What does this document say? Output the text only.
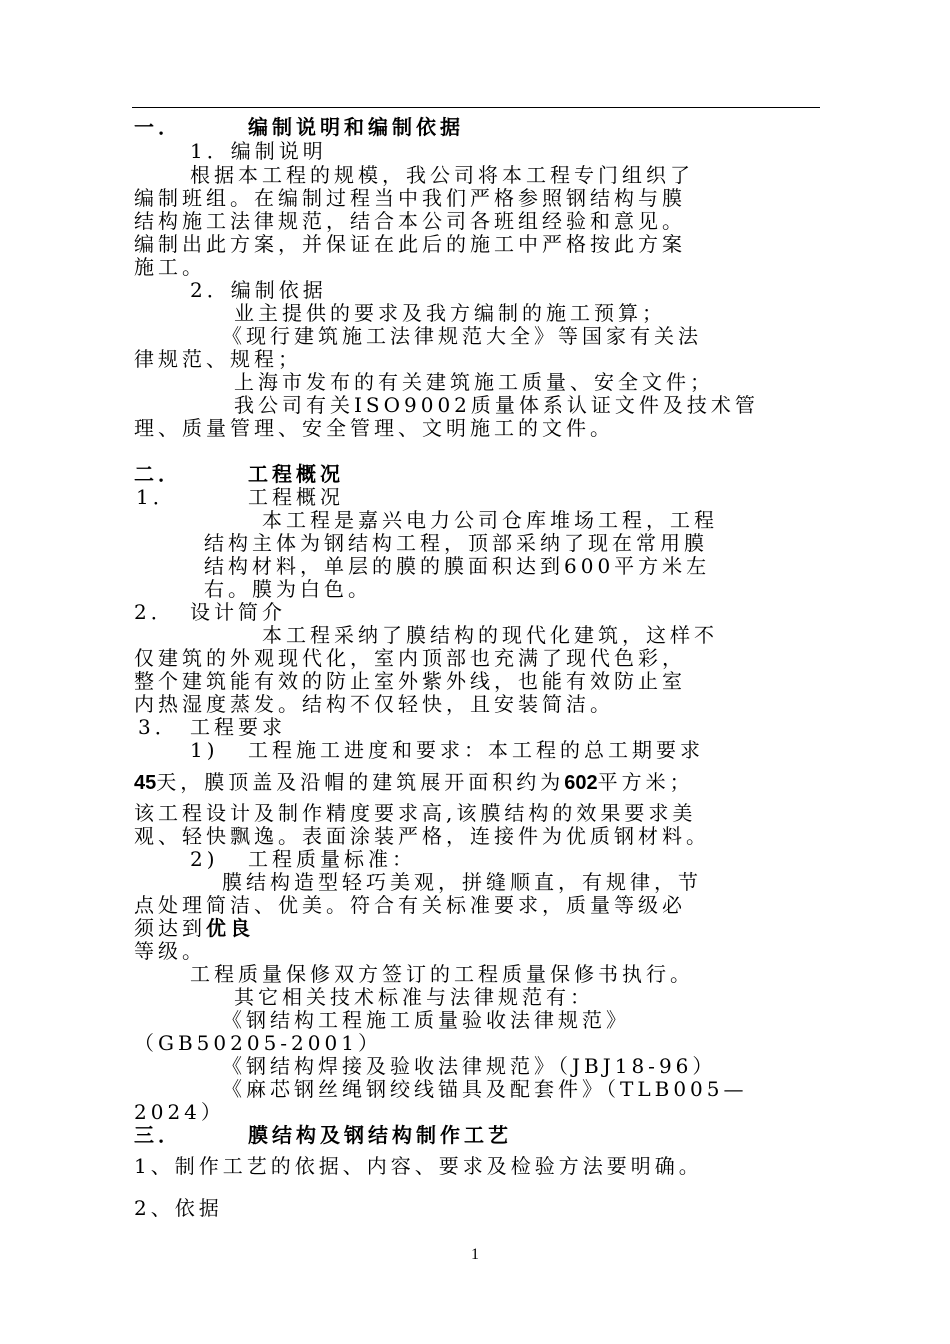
一．	编制说明和编制依据
1．编制说明
根据本工程的规模，我公司将本工程专门组织了
编制班组。在编制过程当中我们严格参照钢结构与膜
结构施工法律规范，结合本公司各班组经验和意见。
编制出此方案，并保证在此后的施工中严格按此方案
施工。
2．编制依据
业主提供的要求及我方编制的施工预算；
《现行建筑施工法律规范大全》等国家有关法
律规范、规程；
上海市发布的有关建筑施工质量、安全文件；
我公司有关ISO9002质量体系认证文件及技术管
理、质量管理、安全管理、文明施工的文件。
二．	工程概况
1．	工程概况
本工程是嘉兴电力公司仓库堆场工程，工程
结构主体为钢结构工程，顶部采纳了现在常用膜
结构材料，单层的膜的膜面积达到600平方米左
右。膜为白色。
2． 设计简介
本工程采纳了膜结构的现代化建筑，这样不
仅建筑的外观现代化，室内顶部也充满了现代色彩，
整个建筑能有效的防止室外紫外线，也能有效防止室
内热湿度蒸发。结构不仅轻快，且安装简洁。
3． 工程要求
1) 工程施工进度和要求：本工程的总工期要求
45天，膜顶盖及沿帽的建筑展开面积约为602平方米；
该工程设计及制作精度要求高,该膜结构的效果要求美
观、轻快飘逸。表面涂装严格，连接件为优质钢材料。
2) 工程质量标准：
膜结构造型轻巧美观，拼缝顺直，有规律，节
点处理简洁、优美。符合有关标准要求，质量等级必
须达到优良
等级。
工程质量保修双方签订的工程质量保修书执行。
其它相关技术标准与法律规范有：
《钢结构工程施工质量验收法律规范》
（GB50205-2001）
《钢结构焊接及验收法律规范》（JBJ18-96）
《麻芯钢丝绳钢绞线锚具及配套件》（TLB005—
2024）
三．	膜结构及钢结构制作工艺
1、制作工艺的依据、内容、要求及检验方法要明确。
2、依据
1
